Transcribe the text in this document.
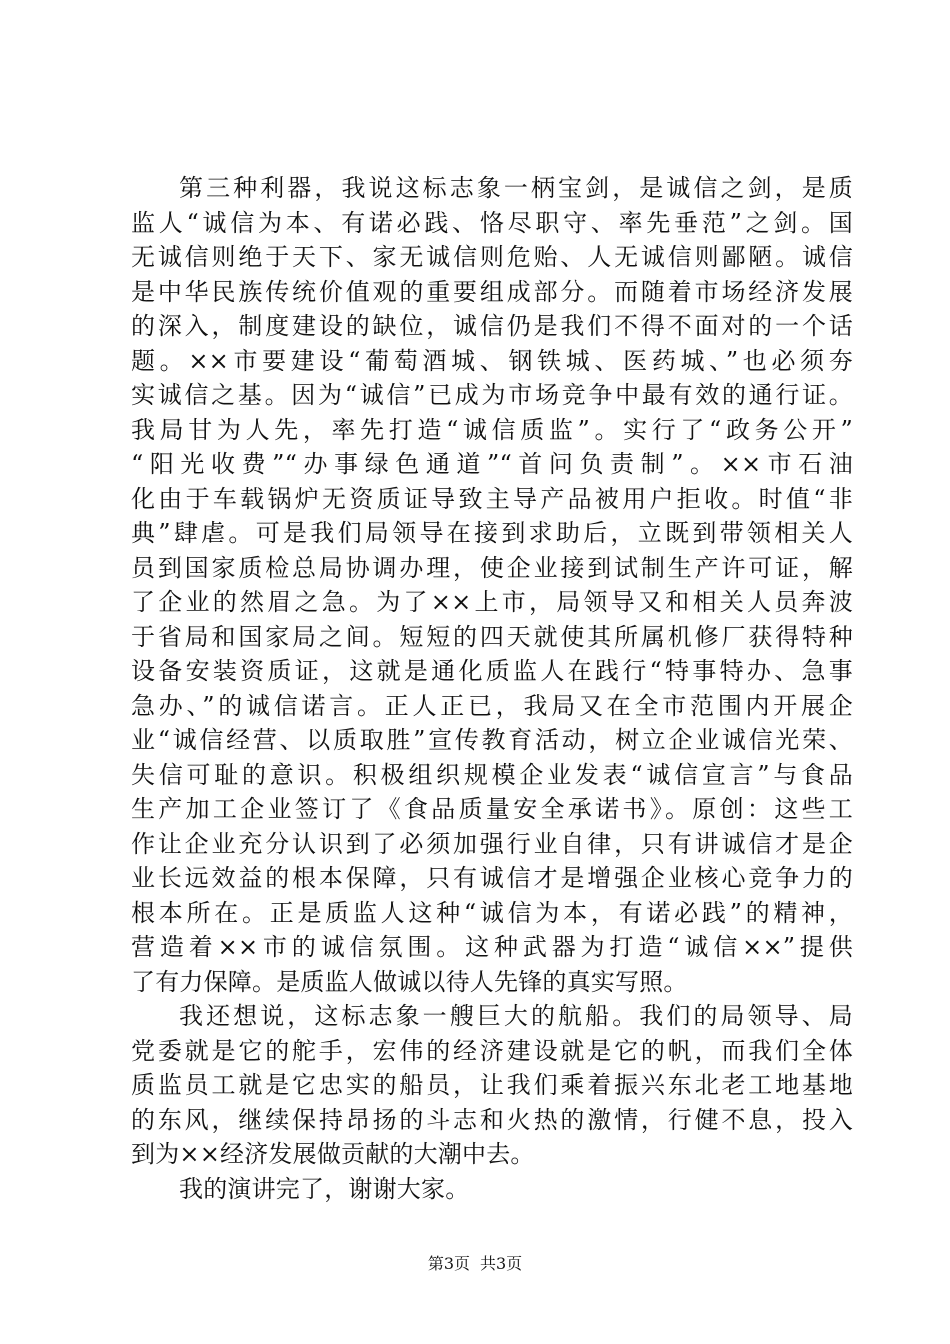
第三种利器，我说这标志象一柄宝剑，是诚信之剑，是质
监人“诚信为本、有诺必践、恪尽职守、率先垂范”之剑。国
无诚信则绝于天下、家无诚信则危贻、人无诚信则鄙陋。诚信
是中华民族传统价值观的重要组成部分。而随着市场经济发展
的深入，制度建设的缺位，诚信仍是我们不得不面对的一个话
题。××市要建设“葡萄酒城、钢铁城、医药城、”也必须夯
实诚信之基。因为“诚信”已成为市场竞争中最有效的通行证。
我局甘为人先，率先打造“诚信质监”。实行了“政务公开”
“阳光收费”“办事绿色通道”“首问负责制”。××市石油
化由于车载锅炉无资质证导致主导产品被用户拒收。时值“非
典”肆虐。可是我们局领导在接到求助后，立既到带领相关人
员到国家质检总局协调办理，使企业接到试制生产许可证，解
了企业的然眉之急。为了××上市，局领导又和相关人员奔波
于省局和国家局之间。短短的四天就使其所属机修厂获得特种
设备安装资质证，这就是通化质监人在践行“特事特办、急事
急办、”的诚信诺言。正人正已，我局又在全市范围内开展企
业“诚信经营、以质取胜”宣传教育活动，树立企业诚信光荣、
失信可耻的意识。积极组织规模企业发表“诚信宣言”与食品
生产加工企业签订了《食品质量安全承诺书》。原创：这些工
作让企业充分认识到了必须加强行业自律，只有讲诚信才是企
业长远效益的根本保障，只有诚信才是增强企业核心竞争力的
根本所在。正是质监人这种“诚信为本，有诺必践”的精神，
营造着××市的诚信氛围。这种武器为打造“诚信××”提供
了有力保障。是质监人做诚以待人先锋的真实写照。
我还想说，这标志象一艘巨大的航船。我们的局领导、局
党委就是它的舵手，宏伟的经济建设就是它的帆，而我们全体
质监员工就是它忠实的船员，让我们乘着振兴东北老工地基地
的东风，继续保持昂扬的斗志和火热的激情，行健不息，投入
到为××经济发展做贡献的大潮中去。
我的演讲完了，谢谢大家。
第3页 共3页
